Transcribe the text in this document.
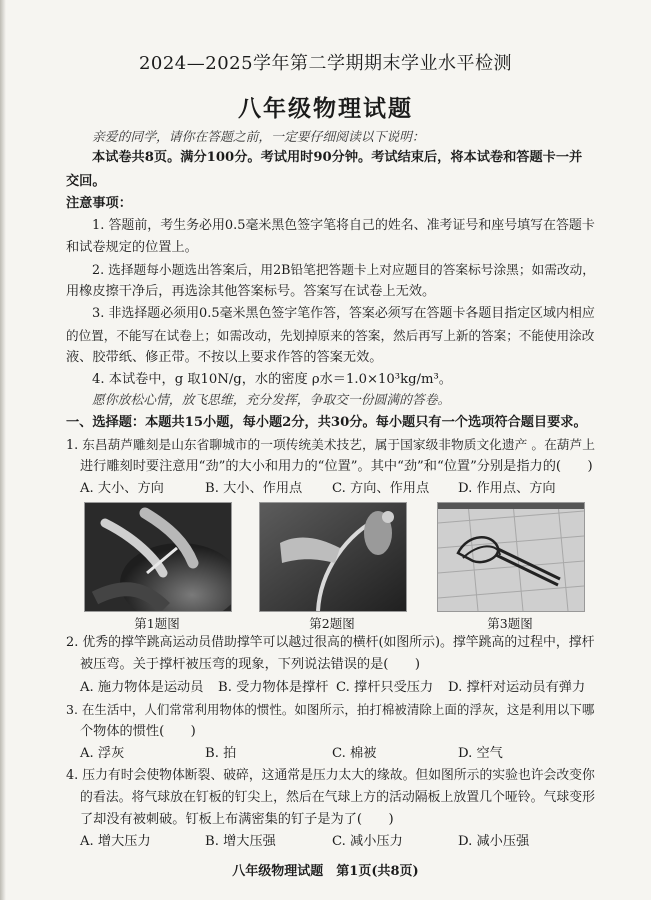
2024—2025学年第二学期期末学业水平检测
八年级物理试题
亲爱的同学，请你在答题之前，一定要仔细阅读以下说明：
本试卷共8页。满分100分。考试用时90分钟。考试结束后，将本试卷和答题卡一并
交回。
注意事项：
1. 答题前，考生务必用0.5毫米黑色签字笔将自己的姓名、准考证号和座号填写在答题卡
和试卷规定的位置上。
2. 选择题每小题选出答案后，用2B铅笔把答题卡上对应题目的答案标号涂黑；如需改动，
用橡皮擦干净后，再选涂其他答案标号。答案写在试卷上无效。
3. 非选择题必须用0.5毫米黑色签字笔作答，答案必须写在答题卡各题目指定区域内相应
的位置，不能写在试卷上；如需改动，先划掉原来的答案，然后再写上新的答案；不能使用涂改
液、胶带纸、修正带。不按以上要求作答的答案无效。
4. 本试卷中，g 取10N/g，水的密度 ρ水＝1.0×10³kg/m³。
愿你放松心情，放飞思维，充分发挥，争取交一份圆满的答卷。
一、选择题：本题共15小题，每小题2分，共30分。每小题只有一个选项符合题目要求。
1. 东昌葫芦雕刻是山东省聊城市的一项传统美术技艺，属于国家级非物质文化遗产 。在葫芦上
进行雕刻时要注意用“劲”的大小和用力的“位置”。其中“劲”和“位置”分别是指力的(　　)
A. 大小、方向	B. 大小、作用点 C. 方向、作用点 D. 作用点、方向
第1题图	第2题图	第3题图
2. 优秀的撑竿跳高运动员借助撑竿可以越过很高的横杆(如图所示)。撑竿跳高的过程中，撑杆
被压弯。关于撑杆被压弯的现象，下列说法错误的是(　　)
A. 施力物体是运动员 B. 受力物体是撑杆 C. 撑杆只受压力 D. 撑杆对运动员有弹力
3. 在生活中，人们常常利用物体的惯性。如图所示，拍打棉被清除上面的浮灰，这是利用以下哪
个物体的惯性(　　)
A. 浮灰	B. 拍	C. 棉被	D. 空气
4. 压力有时会使物体断裂、破碎，这通常是压力太大的缘故。但如图所示的实验也许会改变你
的看法。将气球放在钉板的钉尖上，然后在气球上方的活动隔板上放置几个哑铃。气球变形
了却没有被刺破。钉板上布满密集的钉子是为了(　　)
A. 增大压力	B. 增大压强	C. 减小压力	D. 减小压强
八年级物理试题　第1页(共8页)
